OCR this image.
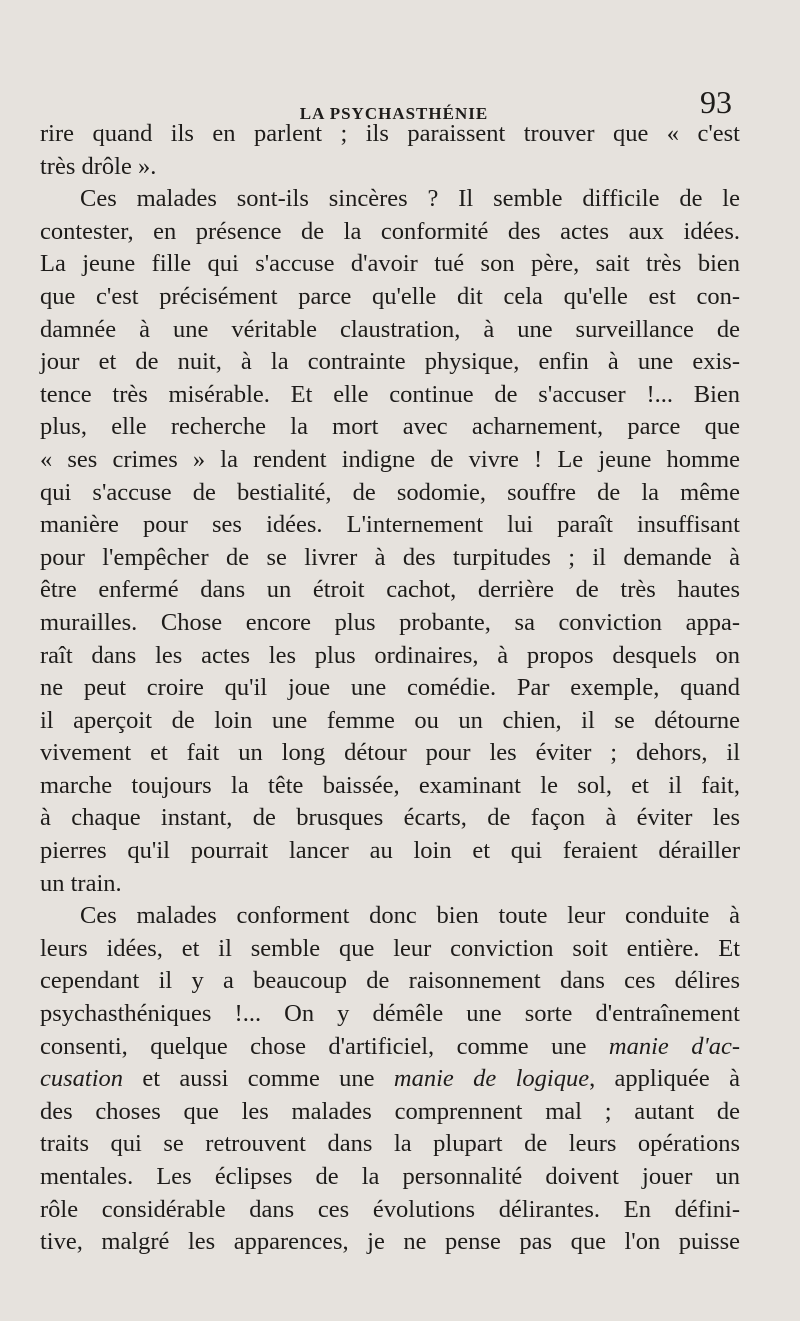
LA PSYCHASTHÉNIE	93
rire quand ils en parlent ; ils paraissent trouver que « c'est
très drôle ».
Ces malades sont-ils sincères ? Il semble difficile de le
contester, en présence de la conformité des actes aux idées.
La jeune fille qui s'accuse d'avoir tué son père, sait très bien
que c'est précisément parce qu'elle dit cela qu'elle est con-
damnée à une véritable claustration, à une surveillance de
jour et de nuit, à la contrainte physique, enfin à une exis-
tence très misérable. Et elle continue de s'accuser !... Bien
plus, elle recherche la mort avec acharnement, parce que
« ses crimes » la rendent indigne de vivre ! Le jeune homme
qui s'accuse de bestialité, de sodomie, souffre de la même
manière pour ses idées. L'internement lui paraît insuffisant
pour l'empêcher de se livrer à des turpitudes ; il demande à
être enfermé dans un étroit cachot, derrière de très hautes
murailles. Chose encore plus probante, sa conviction appa-
raît dans les actes les plus ordinaires, à propos desquels on
ne peut croire qu'il joue une comédie. Par exemple, quand
il aperçoit de loin une femme ou un chien, il se détourne
vivement et fait un long détour pour les éviter ; dehors, il
marche toujours la tête baissée, examinant le sol, et il fait,
à chaque instant, de brusques écarts, de façon à éviter les
pierres qu'il pourrait lancer au loin et qui feraient dérailler
un train.
Ces malades conforment donc bien toute leur conduite à
leurs idées, et il semble que leur conviction soit entière. Et
cependant il y a beaucoup de raisonnement dans ces délires
psychasthéniques !... On y démêle une sorte d'entraînement
consenti, quelque chose d'artificiel, comme une manie d'ac-
cusation et aussi comme une manie de logique, appliquée à
des choses que les malades comprennent mal ; autant de
traits qui se retrouvent dans la plupart de leurs opérations
mentales. Les éclipses de la personnalité doivent jouer un
rôle considérable dans ces évolutions délirantes. En défini-
tive, malgré les apparences, je ne pense pas que l'on puisse
